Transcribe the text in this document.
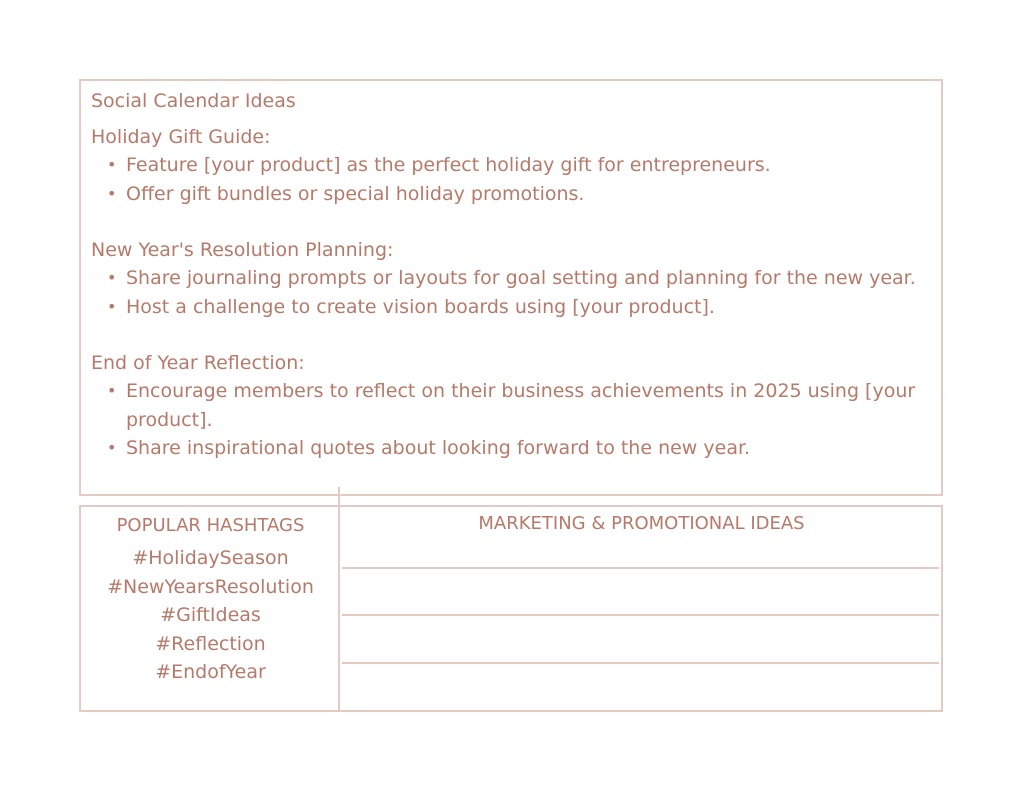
Social Calendar Ideas
Holiday Gift Guide:
• Feature [your product] as the perfect holiday gift for entrepreneurs.
• Offer gift bundles or special holiday promotions.
New Year's Resolution Planning:
• Share journaling prompts or layouts for goal setting and planning for the new year.
• Host a challenge to create vision boards using [your product].
End of Year Reflection:
• Encourage members to reflect on their business achievements in 2025 using [your product].
• Share inspirational quotes about looking forward to the new year.
POPULAR HASHTAGS
#HolidaySeason
#NewYearsResolution
#GiftIdeas
#Reflection
#EndofYear
MARKETING & PROMOTIONAL IDEAS
